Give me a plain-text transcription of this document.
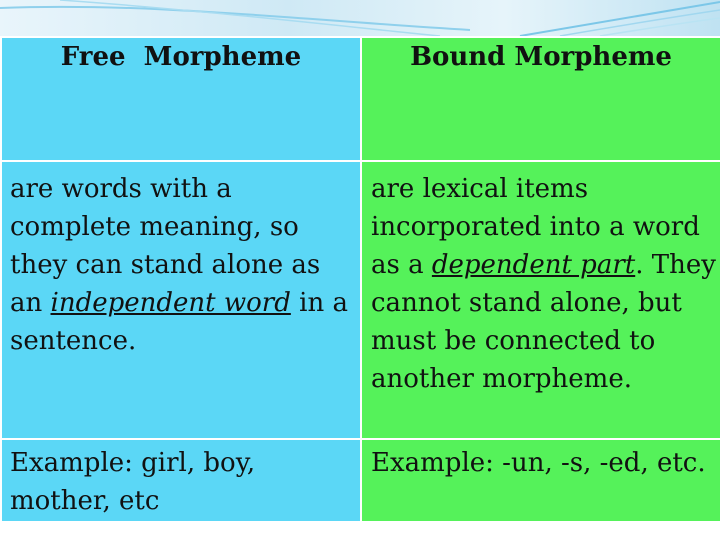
Free  Morpheme	Bound Morpheme

are words with a complete meaning, so they can stand alone as an independent word in a sentence.	are lexical items incorporated into a word as a dependent part. They cannot stand alone, but must be connected to another morpheme.

Example: girl, boy, mother, etc	Example: -un, -s, -ed, etc.
